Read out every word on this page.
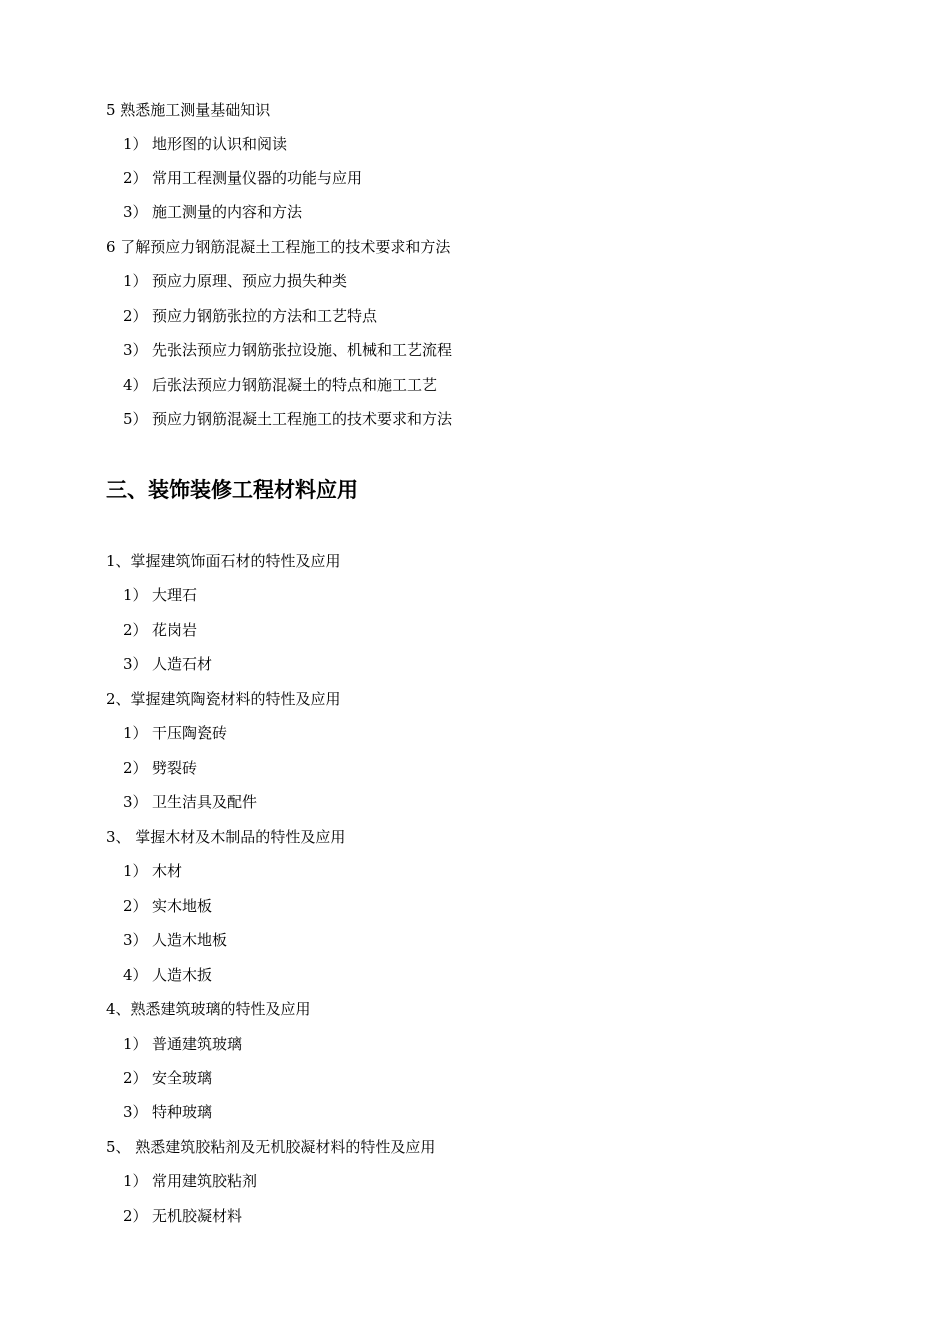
5 熟悉施工测量基础知识
1） 地形图的认识和阅读
2） 常用工程测量仪器的功能与应用
3） 施工测量的内容和方法
6 了解预应力钢筋混凝土工程施工的技术要求和方法
1） 预应力原理、预应力损失种类
2） 预应力钢筋张拉的方法和工艺特点
3） 先张法预应力钢筋张拉设施、机械和工艺流程
4） 后张法预应力钢筋混凝土的特点和施工工艺
5） 预应力钢筋混凝土工程施工的技术要求和方法
三、装饰装修工程材料应用
1、掌握建筑饰面石材的特性及应用
1） 大理石
2） 花岗岩
3） 人造石材
2、掌握建筑陶瓷材料的特性及应用
1） 干压陶瓷砖
2） 劈裂砖
3） 卫生洁具及配件
3、 掌握木材及木制品的特性及应用
1） 木材
2） 实木地板
3） 人造木地板
4） 人造木扳
4、熟悉建筑玻璃的特性及应用
1） 普通建筑玻璃
2） 安全玻璃
3） 特种玻璃
5、 熟悉建筑胶粘剂及无机胶凝材料的特性及应用
1） 常用建筑胶粘剂
2） 无机胶凝材料
